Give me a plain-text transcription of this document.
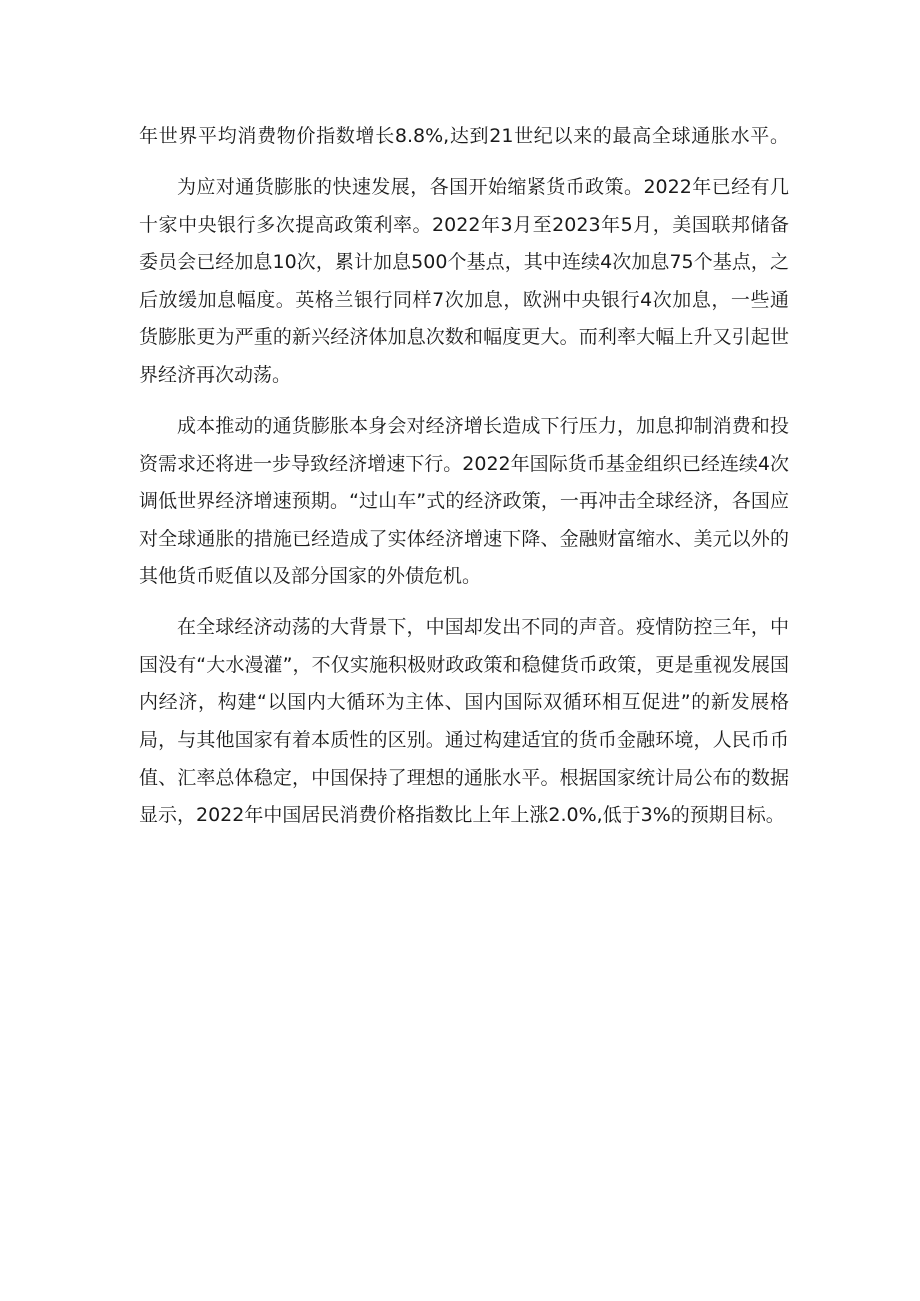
年世界平均消费物价指数增长8.8%,达到21世纪以来的最高全球通胀水平。

为应对通货膨胀的快速发展，各国开始缩紧货币政策。2022年已经有几十家中央银行多次提高政策利率。2022年3月至2023年5月，美国联邦储备委员会已经加息10次，累计加息500个基点，其中连续4次加息75个基点，之后放缓加息幅度。英格兰银行同样7次加息，欧洲中央银行4次加息，一些通货膨胀更为严重的新兴经济体加息次数和幅度更大。而利率大幅上升又引起世界经济再次动荡。

成本推动的通货膨胀本身会对经济增长造成下行压力，加息抑制消费和投资需求还将进一步导致经济增速下行。2022年国际货币基金组织已经连续4次调低世界经济增速预期。“过山车”式的经济政策，一再冲击全球经济，各国应对全球通胀的措施已经造成了实体经济增速下降、金融财富缩水、美元以外的其他货币贬值以及部分国家的外债危机。

在全球经济动荡的大背景下，中国却发出不同的声音。疫情防控三年，中国没有“大水漫灌”，不仅实施积极财政政策和稳健货币政策，更是重视发展国内经济，构建“以国内大循环为主体、国内国际双循环相互促进”的新发展格局，与其他国家有着本质性的区别。通过构建适宜的货币金融环境，人民币币值、汇率总体稳定，中国保持了理想的通胀水平。根据国家统计局公布的数据显示，2022年中国居民消费价格指数比上年上涨2.0%,低于3%的预期目标。
